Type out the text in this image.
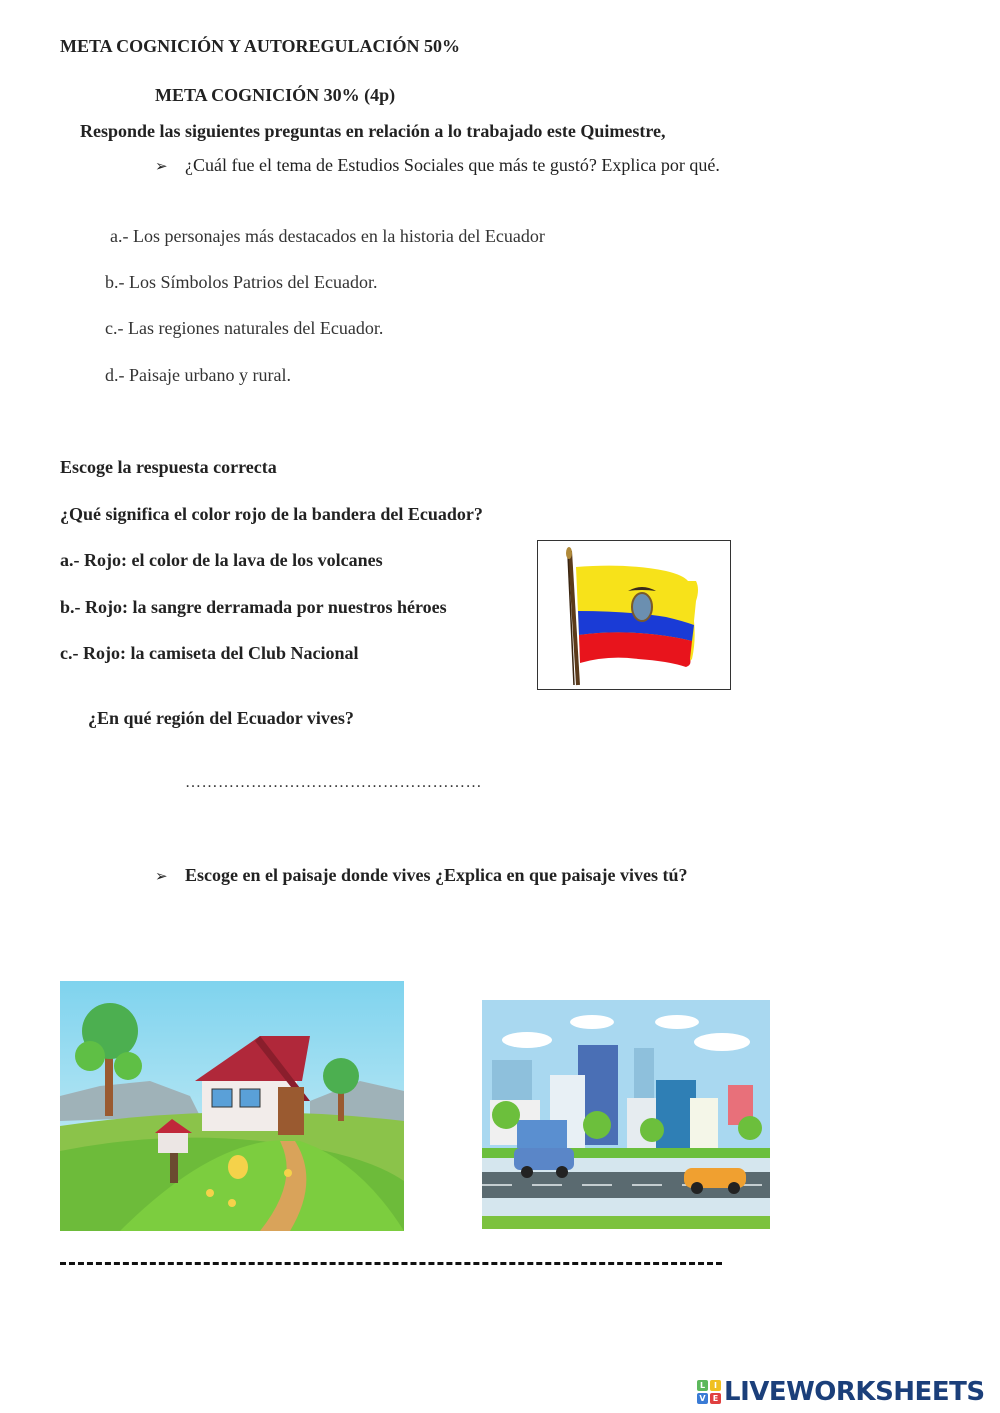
META COGNICIÓN Y AUTOREGULACIÓN 50%
META COGNICIÓN 30% (4p)
Responde las siguientes preguntas en relación a lo trabajado este Quimestre,
➢ ¿Cuál fue el tema de Estudios Sociales que más te gustó? Explica por qué.
a.- Los personajes más destacados en la historia del Ecuador
b.- Los Símbolos Patrios del Ecuador.
c.- Las regiones naturales del Ecuador.
d.- Paisaje urbano y rural.
Escoge la respuesta correcta
¿Qué significa el color rojo de la bandera del Ecuador?
a.- Rojo: el color de la lava de los volcanes
b.- Rojo: la sangre derramada por nuestros héroes
c.- Rojo: la camiseta del Club Nacional
¿En qué región del Ecuador vives?
………………………………………………
➢ Escoge en el paisaje donde vives ¿Explica en que paisaje vives tú?
L	I
V E LIVEWORKSHEETS
